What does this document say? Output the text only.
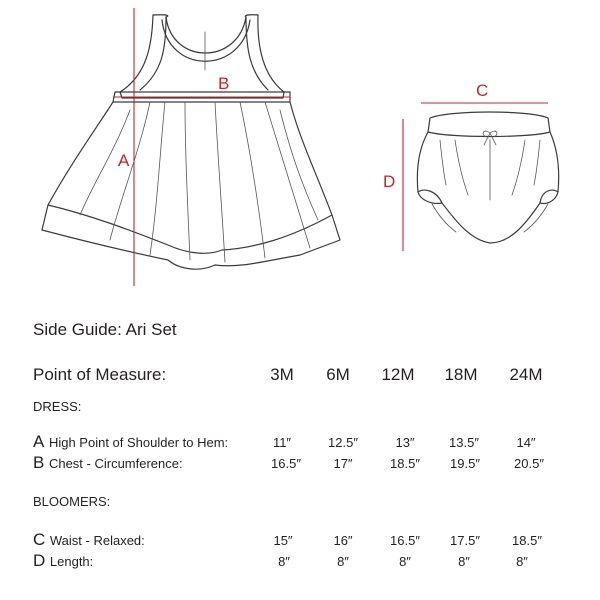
A
B	C
D
Side Guide: Ari Set
Point of Measure:	3M	6M	12M	18M	24M
DRESS:
A High Point of Shoulder to Hem:	11″	12.5″	13″	13.5″	14″
B Chest - Circumference:	16.5″	17″	18.5″	19.5″	20.5″
BLOOMERS:
C Waist - Relaxed:	15″	16″	16.5″	17.5″	18.5″
D Length:	8″	8″	8″	8″	8″
